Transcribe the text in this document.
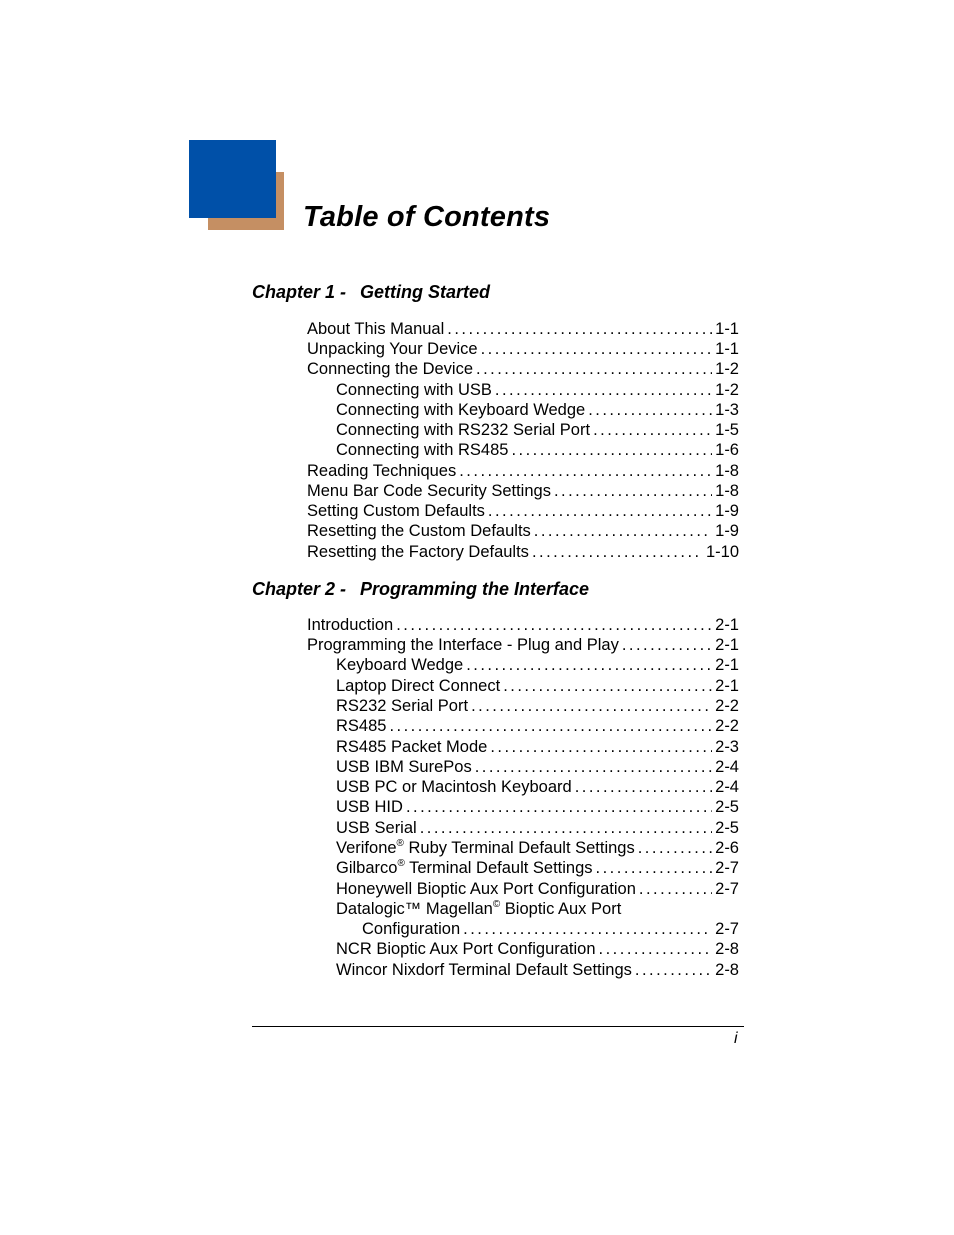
Table of Contents
Chapter 1 - Getting Started
About This Manual . . .	1-1
Unpacking Your Device . . .	1-1
Connecting the Device . . .	1-2
Connecting with USB . . .	1-2
Connecting with Keyboard Wedge . . .	1-3
Connecting with RS232 Serial Port . . .	1-5
Connecting with RS485 . . .	1-6
Reading Techniques . . .	1-8
Menu Bar Code Security Settings . . .	1-8
Setting Custom Defaults . . .	1-9
Resetting the Custom Defaults . . .	1-9
Resetting the Factory Defaults . . .	1-10
Chapter 2 - Programming the Interface
Introduction . . .	2-1
Programming the Interface - Plug and Play . . .	2-1
Keyboard Wedge . . .	2-1
Laptop Direct Connect . . .	2-1
RS232 Serial Port . . .	2-2
RS485 . . .	2-2
RS485 Packet Mode . . .	2-3
USB IBM SurePos . . .	2-4
USB PC or Macintosh Keyboard . . .	2-4
USB HID . . .	2-5
USB Serial . . .	2-5
Verifone® Ruby Terminal Default Settings . . .	2-6
Gilbarco® Terminal Default Settings . . .	2-7
Honeywell Bioptic Aux Port Configuration . . .	2-7
Datalogic™ Magellan© Bioptic Aux Port
Configuration . . .	2-7
NCR Bioptic Aux Port Configuration . . .	2-8
Wincor Nixdorf Terminal Default Settings . . .	2-8
i
